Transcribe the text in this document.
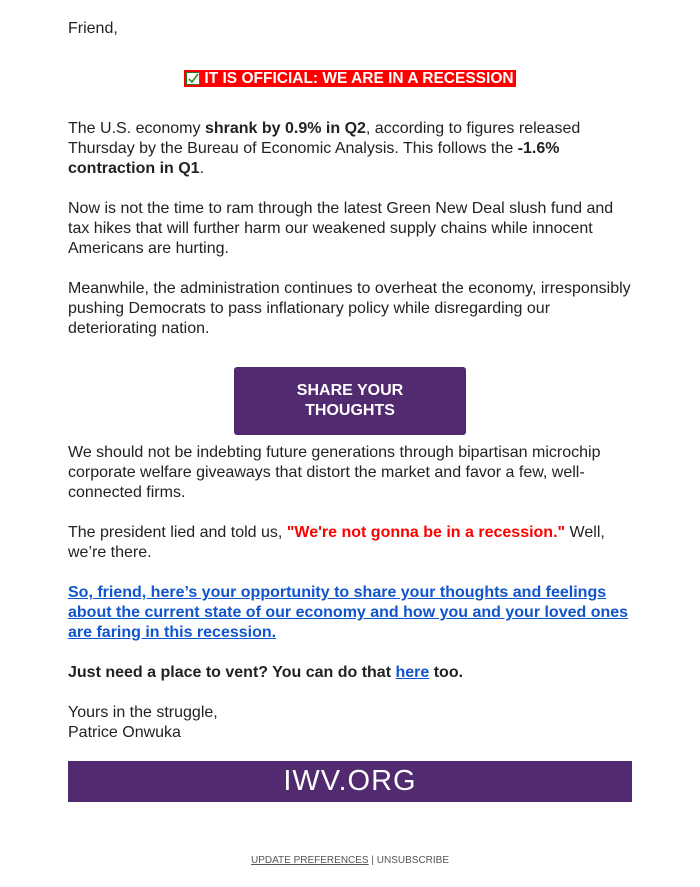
Friend,

IT IS OFFICIAL: WE ARE IN A RECESSION

The U.S. economy shrank by 0.9% in Q2, according to figures released Thursday by the Bureau of Economic Analysis. This follows the -1.6% contraction in Q1.

Now is not the time to ram through the latest Green New Deal slush fund and tax hikes that will further harm our weakened supply chains while innocent Americans are hurting.

Meanwhile, the administration continues to overheat the economy, irresponsibly pushing Democrats to pass inflationary policy while disregarding our deteriorating nation.

SHARE YOUR THOUGHTS

We should not be indebting future generations through bipartisan microchip corporate welfare giveaways that distort the market and favor a few, well-connected firms.

The president lied and told us, "We're not gonna be in a recession." Well, we’re there.

So, friend, here’s your opportunity to share your thoughts and feelings about the current state of our economy and how you and your loved ones are faring in this recession.

Just need a place to vent? You can do that here too.

Yours in the struggle,
Patrice Onwuka

IWV.ORG
UPDATE PREFERENCES | UNSUBSCRIBE
